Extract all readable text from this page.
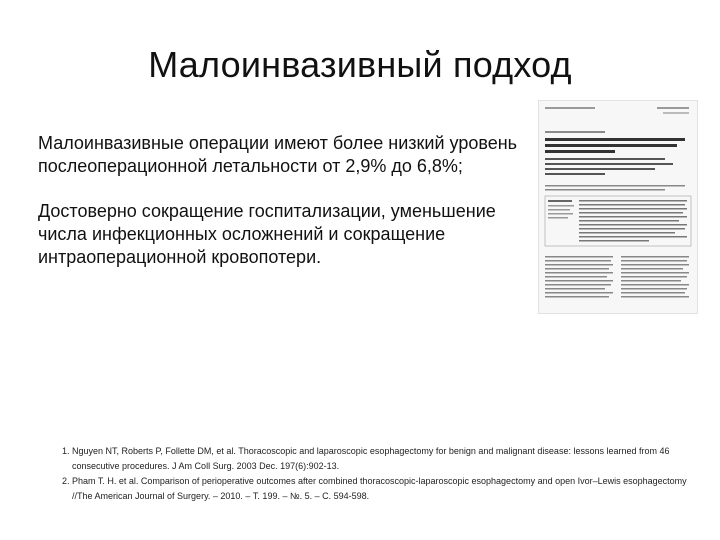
Малоинвазивный подход

Малоинвазивные операции имеют более низкий уровень послеоперационной летальности от 2,9% до 6,8%;

Достоверно сокращение госпитализации, уменьшение числа инфекционных осложнений и сокращение интраоперационной кровопотери.

1. Nguyen NT, Roberts P, Follette DM, et al. Thoracoscopic and laparoscopic esophagectomy for benign and malignant disease: lessons learned from 46 consecutive procedures. J Am Coll Surg. 2003 Dec. 197(6):902-13.
2. Pham T. H. et al. Comparison of perioperative outcomes after combined thoracoscopic-laparoscopic esophagectomy and open Ivor–Lewis esophagectomy //The American Journal of Surgery. – 2010. – Т. 199. – №. 5. – С. 594-598.
